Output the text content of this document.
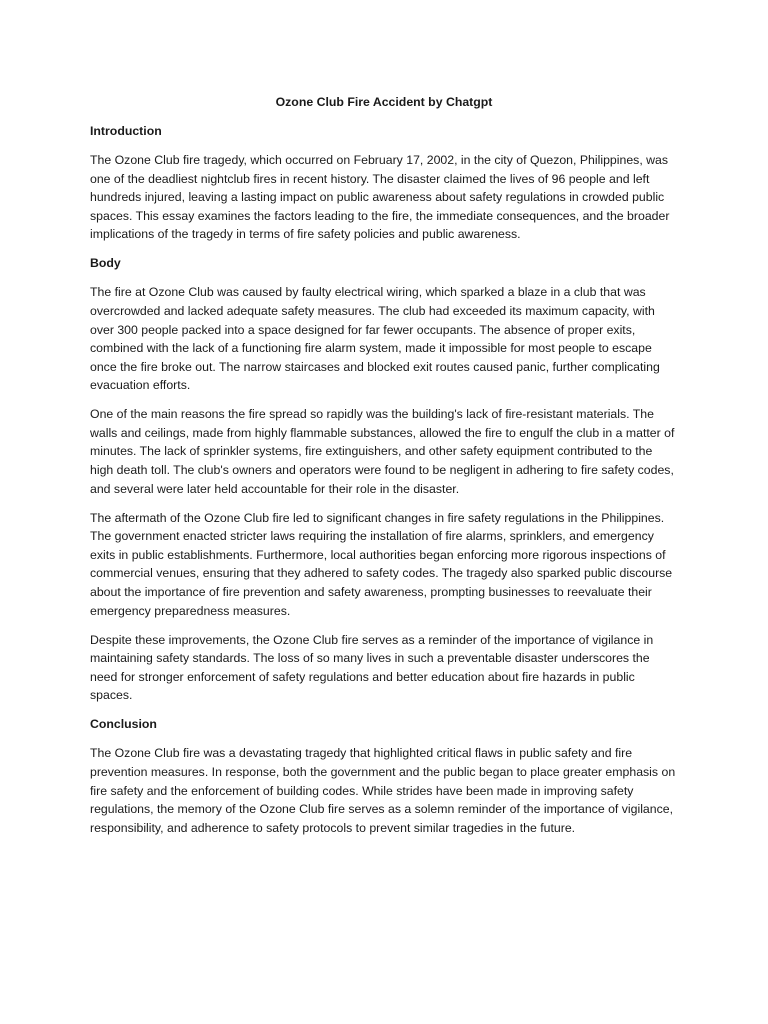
Ozone Club Fire Accident by Chatgpt
Introduction

The Ozone Club fire tragedy, which occurred on February 17, 2002, in the city of Quezon, Philippines, was one of the deadliest nightclub fires in recent history. The disaster claimed the lives of 96 people and left hundreds injured, leaving a lasting impact on public awareness about safety regulations in crowded public spaces. This essay examines the factors leading to the fire, the immediate consequences, and the broader implications of the tragedy in terms of fire safety policies and public awareness.

Body

The fire at Ozone Club was caused by faulty electrical wiring, which sparked a blaze in a club that was overcrowded and lacked adequate safety measures. The club had exceeded its maximum capacity, with over 300 people packed into a space designed for far fewer occupants. The absence of proper exits, combined with the lack of a functioning fire alarm system, made it impossible for most people to escape once the fire broke out. The narrow staircases and blocked exit routes caused panic, further complicating evacuation efforts.

One of the main reasons the fire spread so rapidly was the building's lack of fire-resistant materials. The walls and ceilings, made from highly flammable substances, allowed the fire to engulf the club in a matter of minutes. The lack of sprinkler systems, fire extinguishers, and other safety equipment contributed to the high death toll. The club's owners and operators were found to be negligent in adhering to fire safety codes, and several were later held accountable for their role in the disaster.

The aftermath of the Ozone Club fire led to significant changes in fire safety regulations in the Philippines. The government enacted stricter laws requiring the installation of fire alarms, sprinklers, and emergency exits in public establishments. Furthermore, local authorities began enforcing more rigorous inspections of commercial venues, ensuring that they adhered to safety codes. The tragedy also sparked public discourse about the importance of fire prevention and safety awareness, prompting businesses to reevaluate their emergency preparedness measures.

Despite these improvements, the Ozone Club fire serves as a reminder of the importance of vigilance in maintaining safety standards. The loss of so many lives in such a preventable disaster underscores the need for stronger enforcement of safety regulations and better education about fire hazards in public spaces.

Conclusion

The Ozone Club fire was a devastating tragedy that highlighted critical flaws in public safety and fire prevention measures. In response, both the government and the public began to place greater emphasis on fire safety and the enforcement of building codes. While strides have been made in improving safety regulations, the memory of the Ozone Club fire serves as a solemn reminder of the importance of vigilance, responsibility, and adherence to safety protocols to prevent similar tragedies in the future.
